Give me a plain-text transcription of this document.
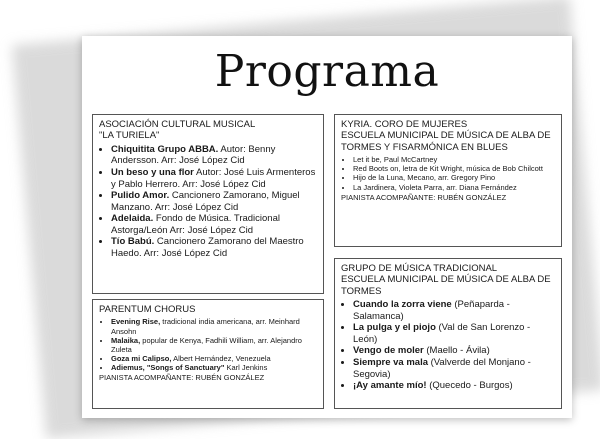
Programa
ASOCIACIÓN CULTURAL MUSICAL
"LA TURIELA"
• Chiquitita Grupo ABBA. Autor: Benny Andersson. Arr: José López Cid
• Un beso y una flor Autor: José Luis Armenteros y Pablo Herrero. Arr: José López Cid
• Pulido Amor. Cancionero Zamorano, Miguel Manzano. Arr: José López Cid
• Adelaida. Fondo de Música. Tradicional Astorga/León Arr: José López Cid
• Tío Babú. Cancionero Zamorano del Maestro Haedo. Arr: José López Cid
PARENTUM CHORUS
• Evening Rise, tradicional india americana, arr. Meinhard Ansohn
• Malaika, popular de Kenya, Fadhili William, arr. Alejandro Zuleta
• Goza mi Calipso, Albert Hernández, Venezuela
• Adiemus, "Songs of Sanctuary" Karl Jenkins
PIANISTA ACOMPAÑANTE: RUBÉN GONZÁLEZ
KYRIA. CORO DE MUJERES
ESCUELA MUNICIPAL DE MÚSICA DE ALBA DE TORMES Y FISARMÓNICA EN BLUES
• Let it be, Paul McCartney
• Red Boots on, letra de Kit Wright, música de Bob Chilcott
• Hijo de la Luna, Mecano, arr. Gregory Pino
• La Jardinera, Violeta Parra, arr. Diana Fernández
PIANISTA ACOMPAÑANTE: RUBÉN GONZÁLEZ
GRUPO DE MÚSICA TRADICIONAL
ESCUELA MUNICIPAL DE MÚSICA DE ALBA DE TORMES
• Cuando la zorra viene (Peñaparda - Salamanca)
• La pulga y el piojo (Val de San Lorenzo - León)
• Vengo de moler (Maello - Ávila)
• Siempre va mala (Valverde del Monjano - Segovia)
• ¡Ay amante mío! (Quecedo - Burgos)
